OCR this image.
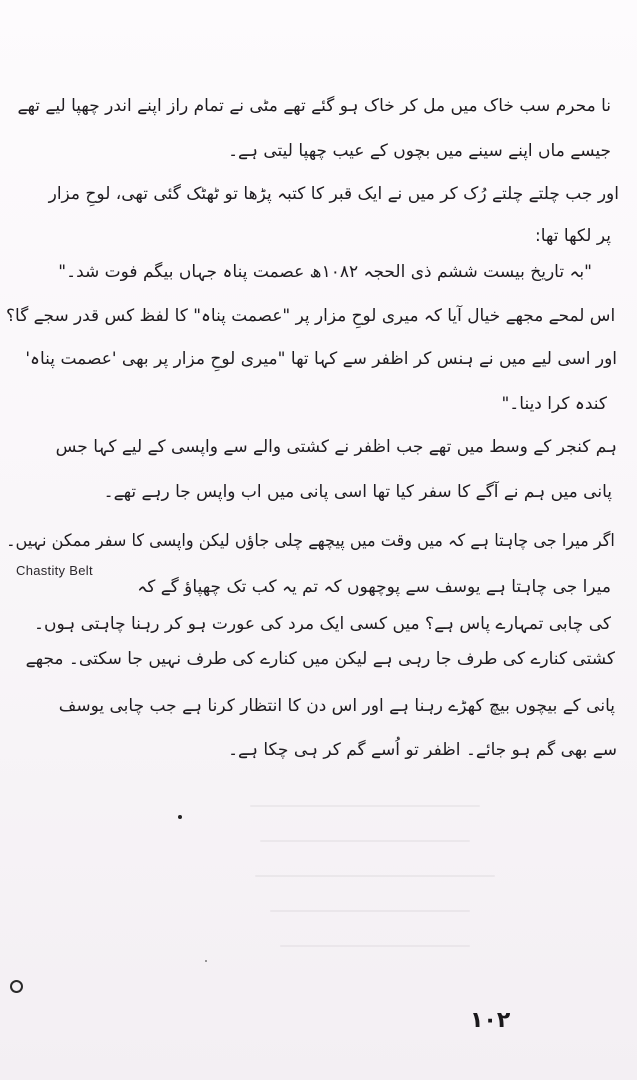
نا محرم سب خاک میں مل کر خاک ہو گئے تھے مٹی نے تمام راز اپنے اندر چھپا لیے تھے
جیسے ماں اپنے سینے میں بچوں کے عیب چھپا لیتی ہے۔
اور جب چلتے چلتے رُک کر میں نے ایک قبر کا کتبہ پڑھا تو ٹھٹک گئی تھی، لوحِ مزار
پر لکھا تھا:
"بہ تاریخ بیست ششم ذی الحجہ ۱۰۸۲ھ عصمت پناہ جہاں بیگم فوت شد۔"
اس لمحے مجھے خیال آیا کہ میری لوحِ مزار پر "عصمت پناہ" کا لفظ کس قدر سجے گا؟
اور اسی لیے میں نے ہنس کر اظفر سے کہا تھا "میری لوحِ مزار پر بھی 'عصمت پناہ'
کندہ کرا دینا۔"
ہم کنجر کے وسط میں تھے جب اظفر نے کشتی والے سے واپسی کے لیے کہا جس
پانی میں ہم نے آگے کا سفر کیا تھا اسی پانی میں اب واپس جا رہے تھے۔
اگر میرا جی چاہتا ہے کہ میں وقت میں پیچھے چلی جاؤں لیکن واپسی کا سفر ممکن نہیں۔
میرا جی چاہتا ہے یوسف سے پوچھوں کہ تم یہ کب تک چھپاؤ گے کہ
Chastity Belt
کی چابی تمہارے پاس ہے؟ میں کسی ایک مرد کی عورت ہو کر رہنا چاہتی ہوں۔
کشتی کنارے کی طرف جا رہی ہے لیکن میں کنارے کی طرف نہیں جا سکتی۔ مجھے
پانی کے بیچوں بیچ کھڑے رہنا ہے اور اس دن کا انتظار کرنا ہے جب چابی یوسف
سے بھی گم ہو جائے۔ اظفر تو اُسے گم کر ہی چکا ہے۔
۱۰۲
